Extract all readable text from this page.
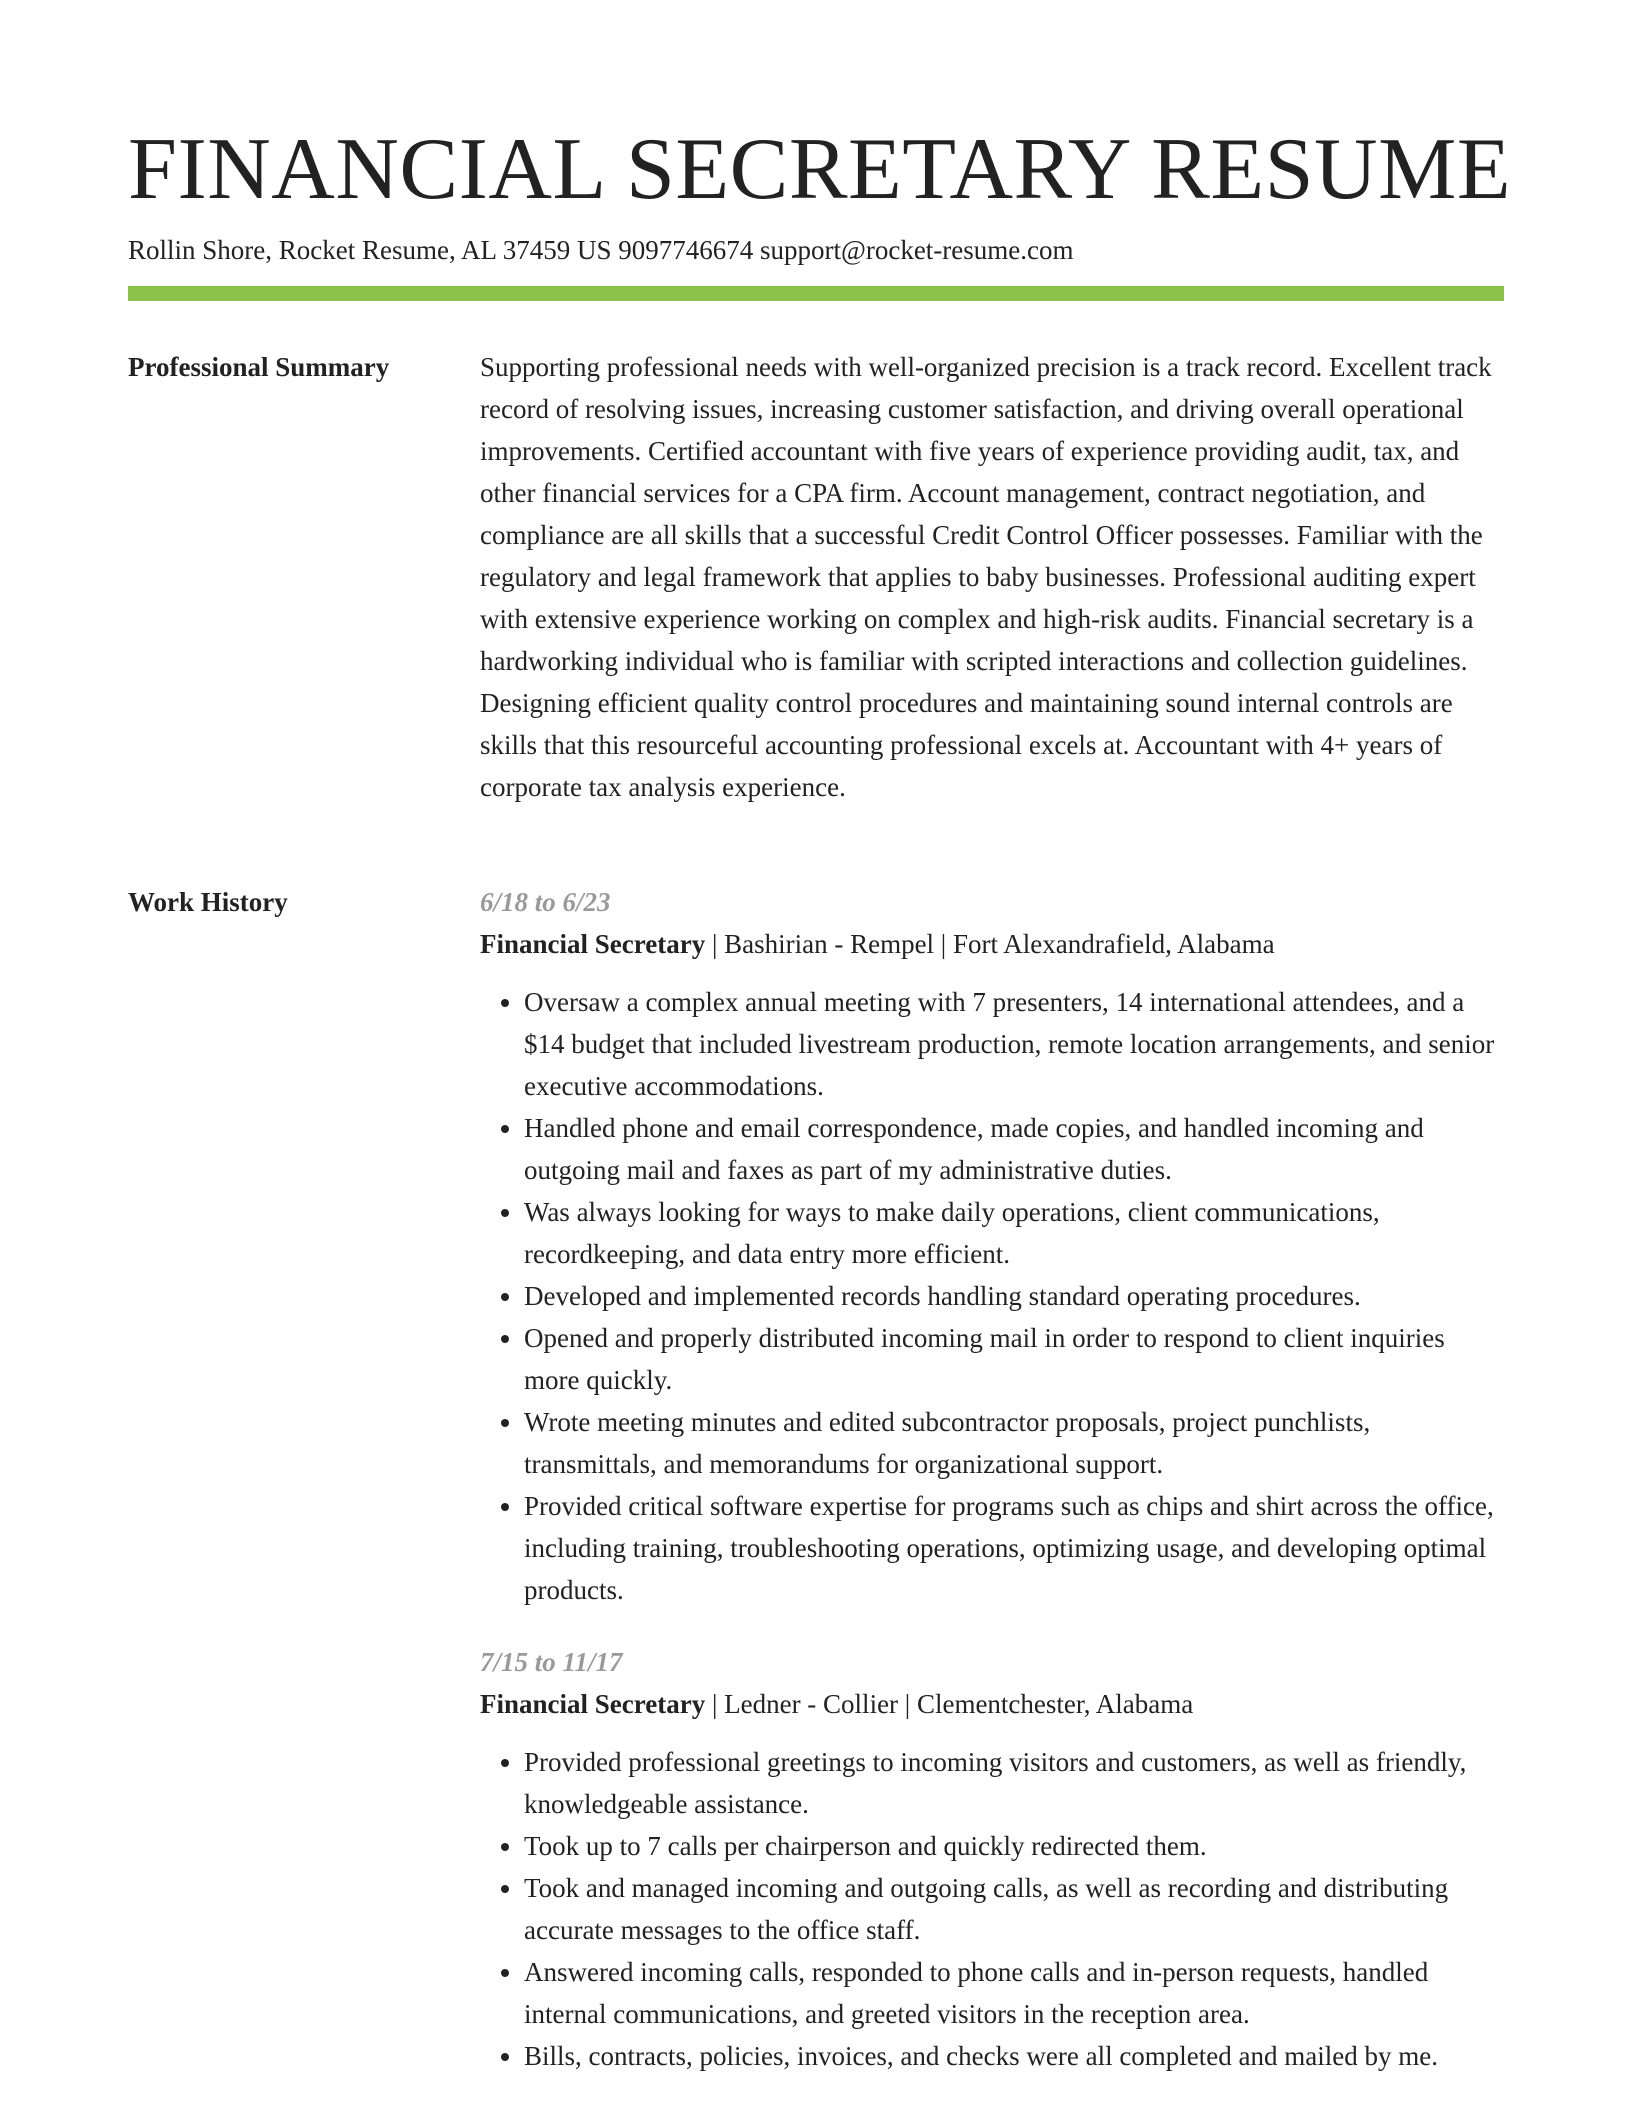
FINANCIAL SECRETARY RESUME
Rollin Shore, Rocket Resume, AL 37459 US 9097746674 support@rocket-resume.com
Professional Summary	Supporting professional needs with well-organized precision is a track record. Excellent track record of resolving issues, increasing customer satisfaction, and driving overall operational improvements. Certified accountant with five years of experience providing audit, tax, and other financial services for a CPA firm. Account management, contract negotiation, and compliance are all skills that a successful Credit Control Officer possesses. Familiar with the regulatory and legal framework that applies to baby businesses. Professional auditing expert with extensive experience working on complex and high-risk audits. Financial secretary is a hardworking individual who is familiar with scripted interactions and collection guidelines. Designing efficient quality control procedures and maintaining sound internal controls are skills that this resourceful accounting professional excels at. Accountant with 4+ years of corporate tax analysis experience.

Work History	6/18 to 6/23
Financial Secretary | Bashirian - Rempel | Fort Alexandrafield, Alabama
• Oversaw a complex annual meeting with 7 presenters, 14 international attendees, and a $14 budget that included livestream production, remote location arrangements, and senior executive accommodations.
• Handled phone and email correspondence, made copies, and handled incoming and outgoing mail and faxes as part of my administrative duties.
• Was always looking for ways to make daily operations, client communications, recordkeeping, and data entry more efficient.
• Developed and implemented records handling standard operating procedures.
• Opened and properly distributed incoming mail in order to respond to client inquiries more quickly.
• Wrote meeting minutes and edited subcontractor proposals, project punchlists, transmittals, and memorandums for organizational support.
• Provided critical software expertise for programs such as chips and shirt across the office, including training, troubleshooting operations, optimizing usage, and developing optimal products.
7/15 to 11/17
Financial Secretary | Ledner - Collier | Clementchester, Alabama
• Provided professional greetings to incoming visitors and customers, as well as friendly, knowledgeable assistance.
• Took up to 7 calls per chairperson and quickly redirected them.
• Took and managed incoming and outgoing calls, as well as recording and distributing accurate messages to the office staff.
• Answered incoming calls, responded to phone calls and in-person requests, handled internal communications, and greeted visitors in the reception area.
• Bills, contracts, policies, invoices, and checks were all completed and mailed by me.
